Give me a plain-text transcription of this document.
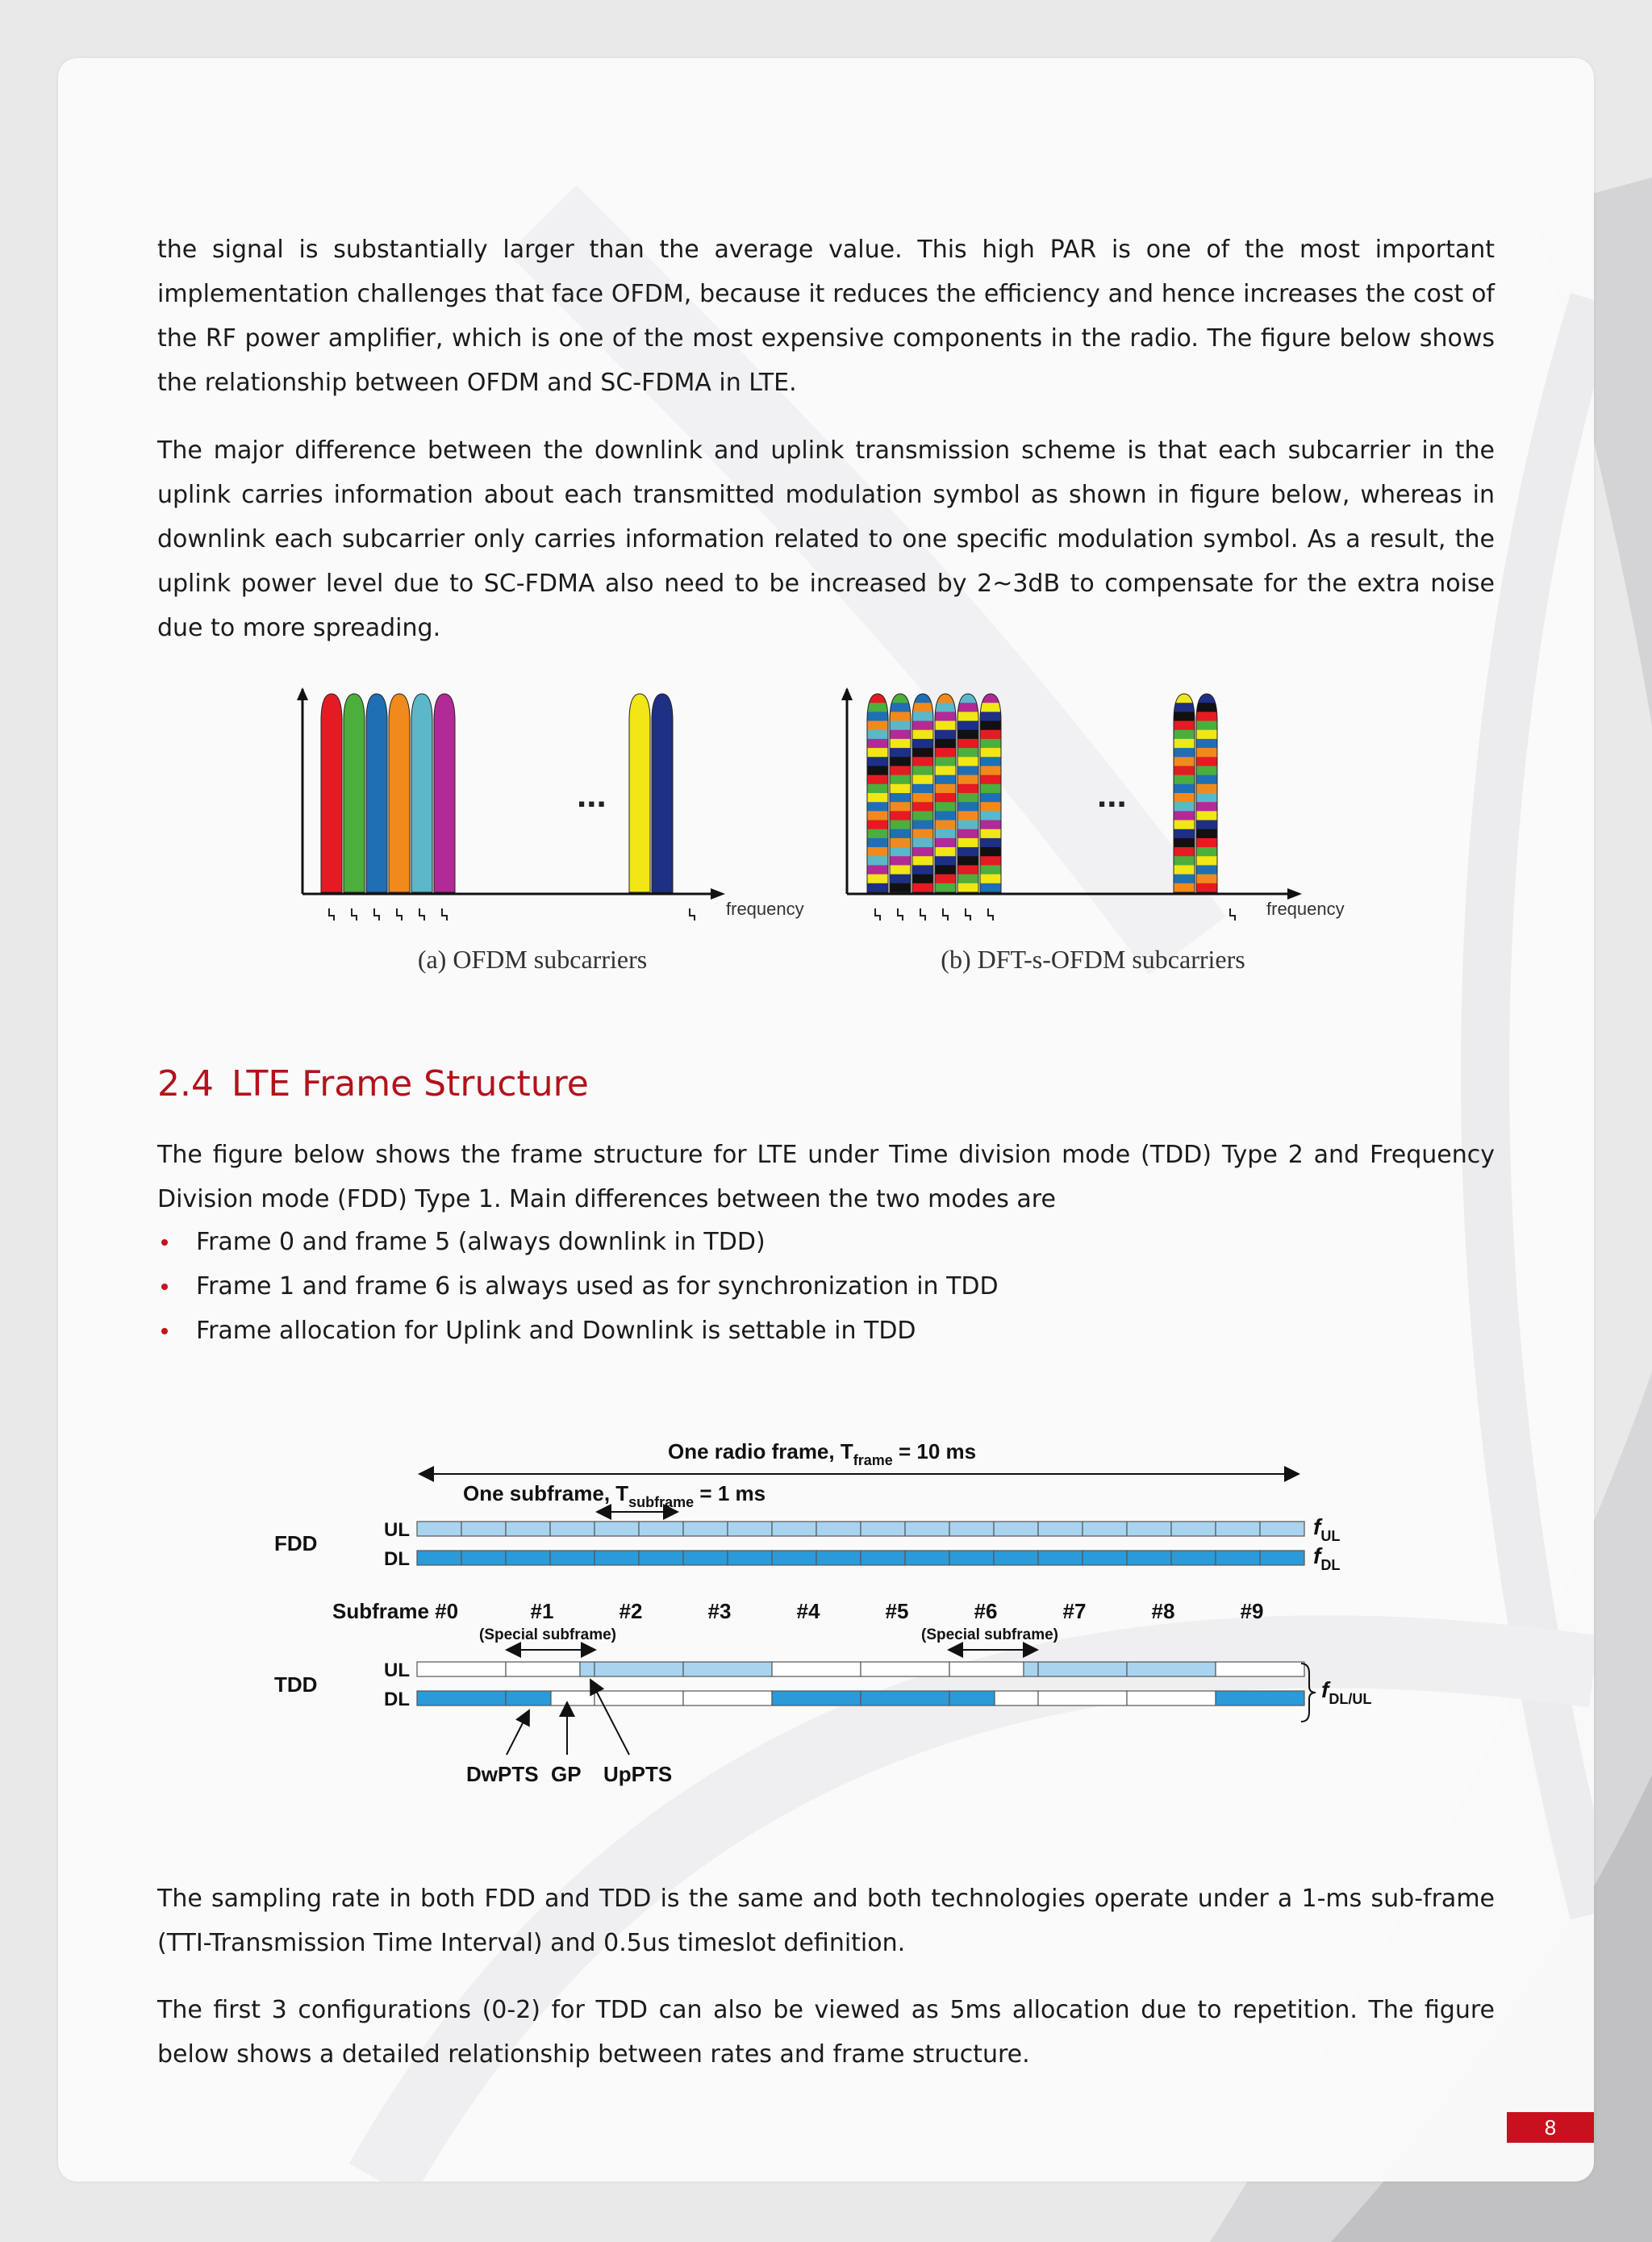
the signal is substantially larger than the average value. This high PAR is one of the most important implementation challenges that face OFDM, because it reduces the efficiency and hence increases the cost of the RF power amplifier, which is one of the most expensive components in the radio. The figure below shows the relationship between OFDM and SC-FDMA in LTE.

The major difference between the downlink and uplink transmission scheme is that each subcarrier in the uplink carries information about each transmitted modulation symbol as shown in figure below, whereas in downlink each subcarrier only carries information related to one specific modulation symbol. As a result, the uplink power level due to SC-FDMA also need to be increased by 2~3dB to compensate for the extra noise due to more spreading.

(a) OFDM subcarriers	(b) DFT-s-OFDM subcarriers
frequency	frequency
...	...
2.4 LTE Frame Structure

The figure below shows the frame structure for LTE under Time division mode (TDD) Type 2 and Frequency Division mode (FDD) Type 1. Main differences between the two modes are

Frame 0 and frame 5 (always downlink in TDD)
Frame 1 and frame 6 is always used as for synchronization in TDD
Frame allocation for Uplink and Downlink is settable in TDD
One radio frame, $T_{frame} = 10$ ms
One subframe, $T_{subframe} = 1$ ms
FDD
UL
DL
$f_{UL}$
$f_{DL}$
Subframe #0	#1	#2	#3	#4	#5	#6	#7	#8	#9
(Special subframe)	(Special subframe)
TDD
UL
DL	$f_{DL/UL}$
DwPTS GP UpPTS

The sampling rate in both FDD and TDD is the same and both technologies operate under a 1-ms sub-frame (TTI-Transmission Time Interval) and 0.5us timeslot definition.

The first 3 configurations (0-2) for TDD can also be viewed as 5ms allocation due to repetition. The figure below shows a detailed relationship between rates and frame structure.

8
